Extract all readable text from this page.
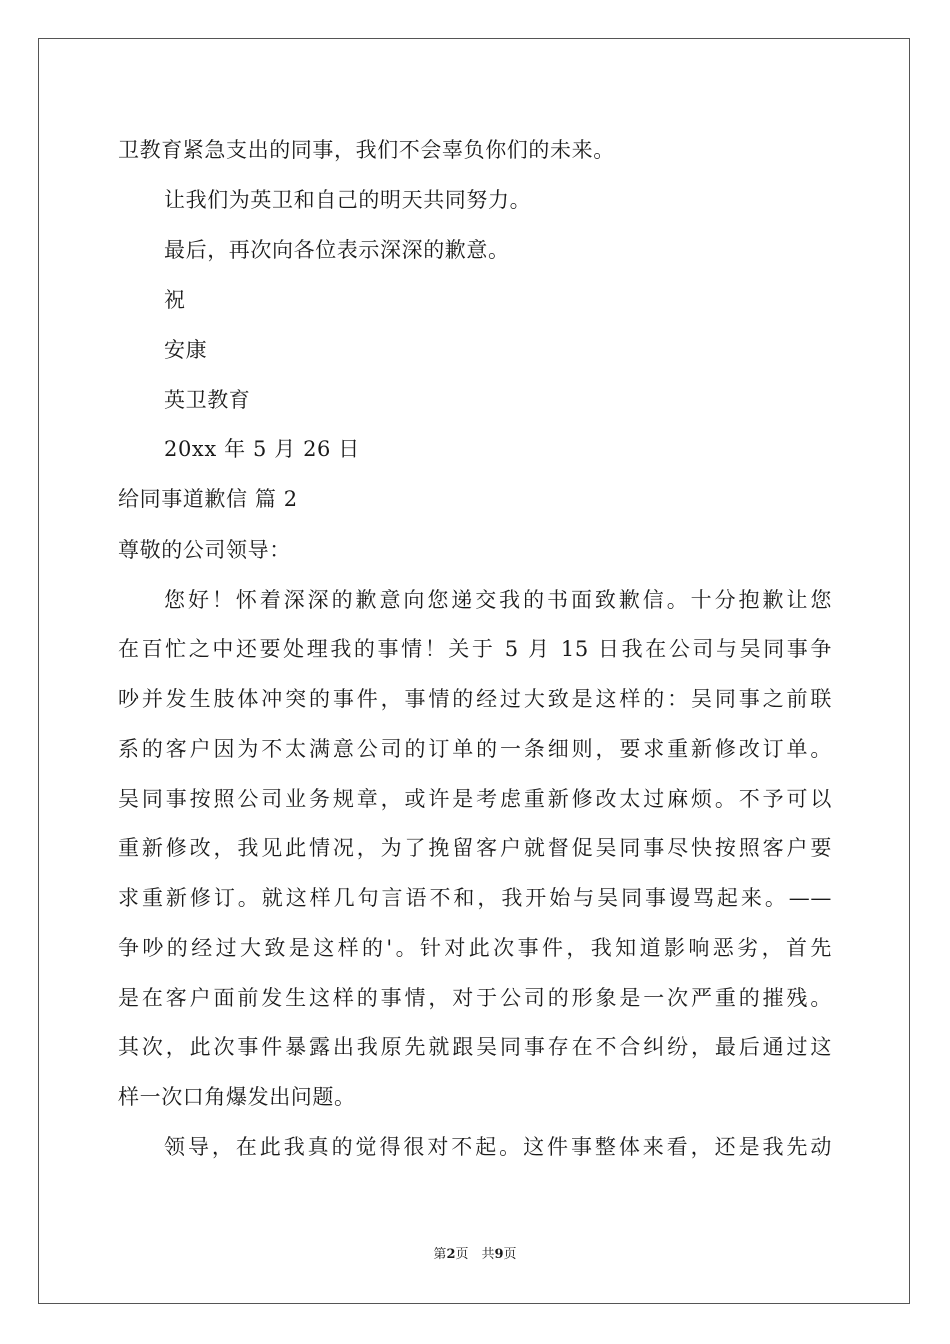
卫教育紧急支出的同事，我们不会辜负你们的未来。
让我们为英卫和自己的明天共同努力。
最后，再次向各位表示深深的歉意。
祝
安康
英卫教育
20xx 年 5 月 26 日
给同事道歉信 篇 2
尊敬的公司领导：
您好！怀着深深的歉意向您递交我的书面致歉信。十分抱歉让您
在百忙之中还要处理我的事情！关于 5 月 15 日我在公司与吴同事争
吵并发生肢体冲突的事件，事情的经过大致是这样的：吴同事之前联
系的客户因为不太满意公司的订单的一条细则，要求重新修改订单。
吴同事按照公司业务规章，或许是考虑重新修改太过麻烦。不予可以
重新修改，我见此情况，为了挽留客户就督促吴同事尽快按照客户要
求重新修订。就这样几句言语不和，我开始与吴同事谩骂起来。——
争吵的经过大致是这样的'。针对此次事件，我知道影响恶劣，首先
是在客户面前发生这样的事情，对于公司的形象是一次严重的摧残。
其次，此次事件暴露出我原先就跟吴同事存在不合纠纷，最后通过这
样一次口角爆发出问题。
领导，在此我真的觉得很对不起。这件事整体来看，还是我先动
第2页　共9页
